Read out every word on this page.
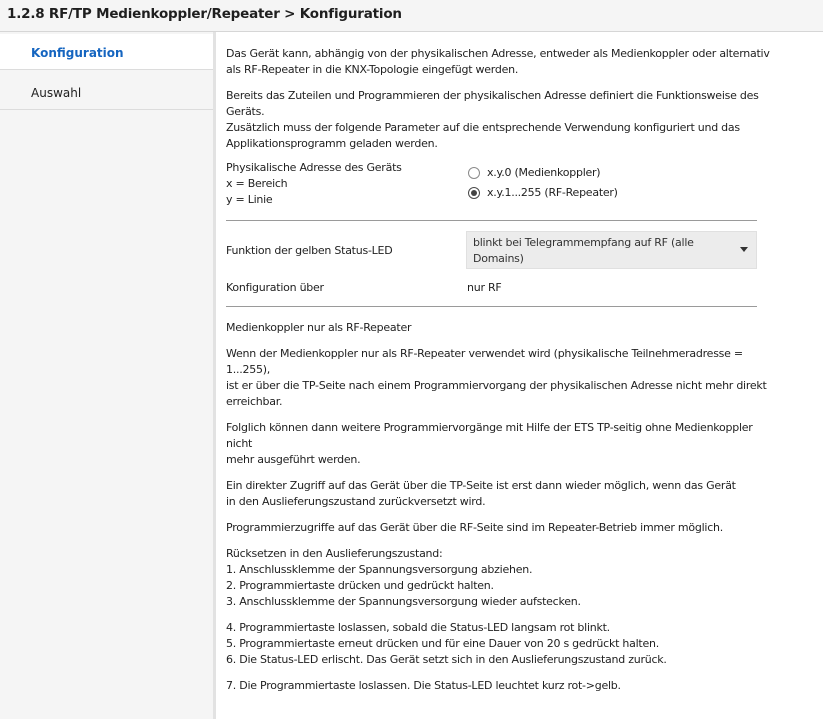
1.2.8 RF/TP Medienkoppler/Repeater > Konfiguration
Konfiguration
Auswahl
Das Gerät kann, abhängig von der physikalischen Adresse, entweder als Medienkoppler oder alternativ
als RF-Repeater in die KNX-Topologie eingefügt werden.
Bereits das Zuteilen und Programmieren der physikalischen Adresse definiert die Funktionsweise des
Geräts.
Zusätzlich muss der folgende Parameter auf die entsprechende Verwendung konfiguriert und das
Applikationsprogramm geladen werden.
Physikalische Adresse des Geräts
x = Bereich
y = Linie
x.y.0 (Medienkoppler)
x.y.1...255 (RF-Repeater)
Funktion der gelben Status-LED
blinkt bei Telegrammempfang auf RF (alle
Domains)
Konfiguration über	nur RF
Medienkoppler nur als RF-Repeater
Wenn der Medienkoppler nur als RF-Repeater verwendet wird (physikalische Teilnehmeradresse =
1...255),
ist er über die TP-Seite nach einem Programmiervorgang der physikalischen Adresse nicht mehr direkt
erreichbar.
Folglich können dann weitere Programmiervorgänge mit Hilfe der ETS TP-seitig ohne Medienkoppler
nicht
mehr ausgeführt werden.
Ein direkter Zugriff auf das Gerät über die TP-Seite ist erst dann wieder möglich, wenn das Gerät
in den Auslieferungszustand zurückversetzt wird.
Programmierzugriffe auf das Gerät über die RF-Seite sind im Repeater-Betrieb immer möglich.
Rücksetzen in den Auslieferungszustand:
1. Anschlussklemme der Spannungsversorgung abziehen.
2. Programmiertaste drücken und gedrückt halten.
3. Anschlussklemme der Spannungsversorgung wieder aufstecken.
4. Programmiertaste loslassen, sobald die Status-LED langsam rot blinkt.
5. Programmiertaste erneut drücken und für eine Dauer von 20 s gedrückt halten.
6. Die Status-LED erlischt. Das Gerät setzt sich in den Auslieferungszustand zurück.
7. Die Programmiertaste loslassen. Die Status-LED leuchtet kurz rot->gelb.
